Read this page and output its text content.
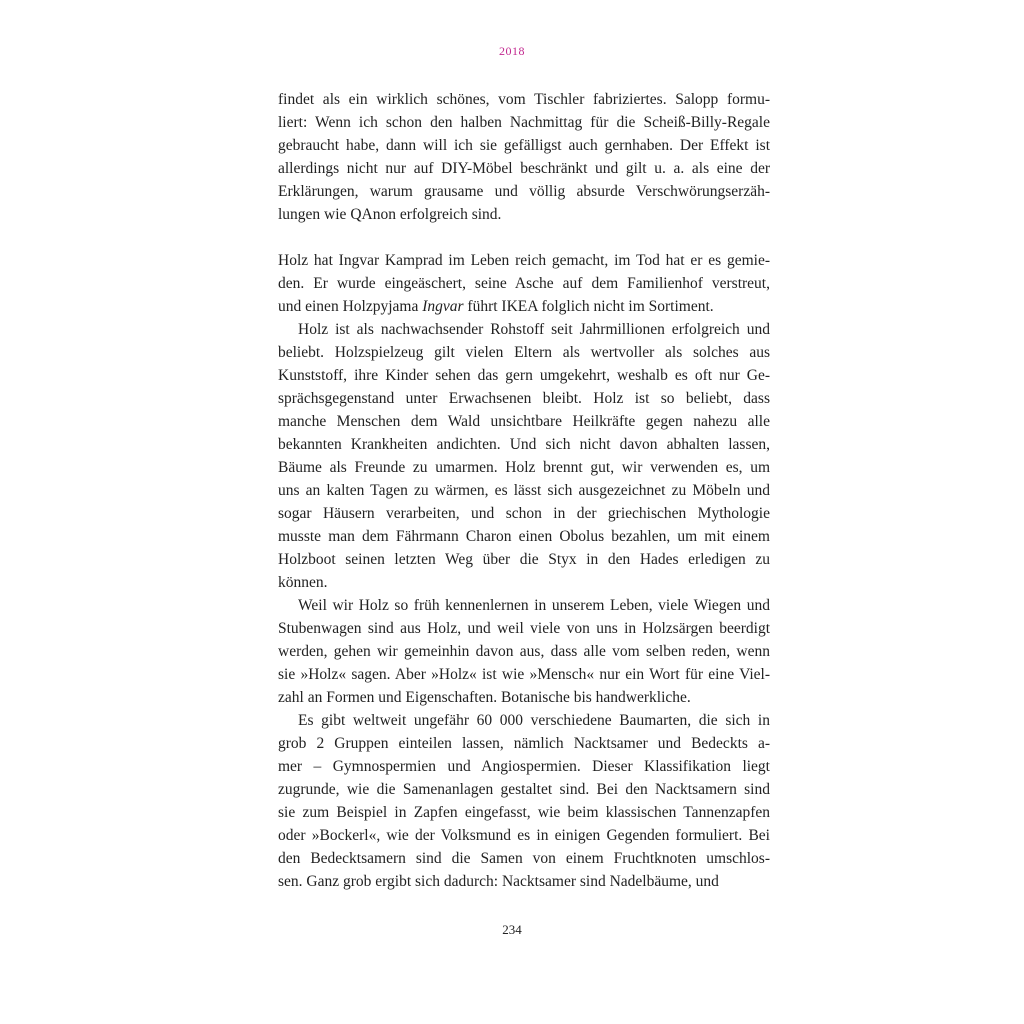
2018

findet als ein wirklich schönes, vom Tischler fabriziertes. Salopp formu-
liert: Wenn ich schon den halben Nachmittag für die Scheiß-Billy-Regale
gebraucht habe, dann will ich sie gefälligst auch gernhaben. Der Effekt ist
allerdings nicht nur auf DIY-Möbel beschränkt und gilt u. a. als eine der
Erklärungen, warum grausame und völlig absurde Verschwörungserzäh-
lungen wie QAnon erfolgreich sind.

Holz hat Ingvar Kamprad im Leben reich gemacht, im Tod hat er es gemie-
den. Er wurde eingeäschert, seine Asche auf dem Familienhof verstreut,
und einen Holzpyjama Ingvar führt IKEA folglich nicht im Sortiment.

Holz ist als nachwachsender Rohstoff seit Jahrmillionen erfolgreich und
beliebt. Holzspielzeug gilt vielen Eltern als wertvoller als solches aus
Kunststoff, ihre Kinder sehen das gern umgekehrt, weshalb es oft nur Ge-
sprächsgegenstand unter Erwachsenen bleibt. Holz ist so beliebt, dass
manche Menschen dem Wald unsichtbare Heilkräfte gegen nahezu alle
bekannten Krankheiten andichten. Und sich nicht davon abhalten lassen,
Bäume als Freunde zu umarmen. Holz brennt gut, wir verwenden es, um
uns an kalten Tagen zu wärmen, es lässt sich ausgezeichnet zu Möbeln und
sogar Häusern verarbeiten, und schon in der griechischen Mythologie
musste man dem Fährmann Charon einen Obolus bezahlen, um mit einem
Holzboot seinen letzten Weg über die Styx in den Hades erledigen zu
können.

Weil wir Holz so früh kennenlernen in unserem Leben, viele Wiegen und
Stubenwagen sind aus Holz, und weil viele von uns in Holzsärgen beerdigt
werden, gehen wir gemeinhin davon aus, dass alle vom selben reden, wenn
sie »Holz« sagen. Aber »Holz« ist wie »Mensch« nur ein Wort für eine Viel-
zahl an Formen und Eigenschaften. Botanische bis handwerkliche.

Es gibt weltweit ungefähr 60 000 verschiedene Baumarten, die sich in
grob 2 Gruppen einteilen lassen, nämlich Nacktsamer und Bedeckts a-
mer – Gymnospermien und Angiospermien. Dieser Klassifikation liegt
zugrunde, wie die Samenanlagen gestaltet sind. Bei den Nacktsamern sind
sie zum Beispiel in Zapfen eingefasst, wie beim klassischen Tannenzapfen
oder »Bockerl«, wie der Volksmund es in einigen Gegenden formuliert. Bei
den Bedecktsamern sind die Samen von einem Fruchtknoten umschlos-
sen. Ganz grob ergibt sich dadurch: Nacktsamer sind Nadelbäume, und

234
